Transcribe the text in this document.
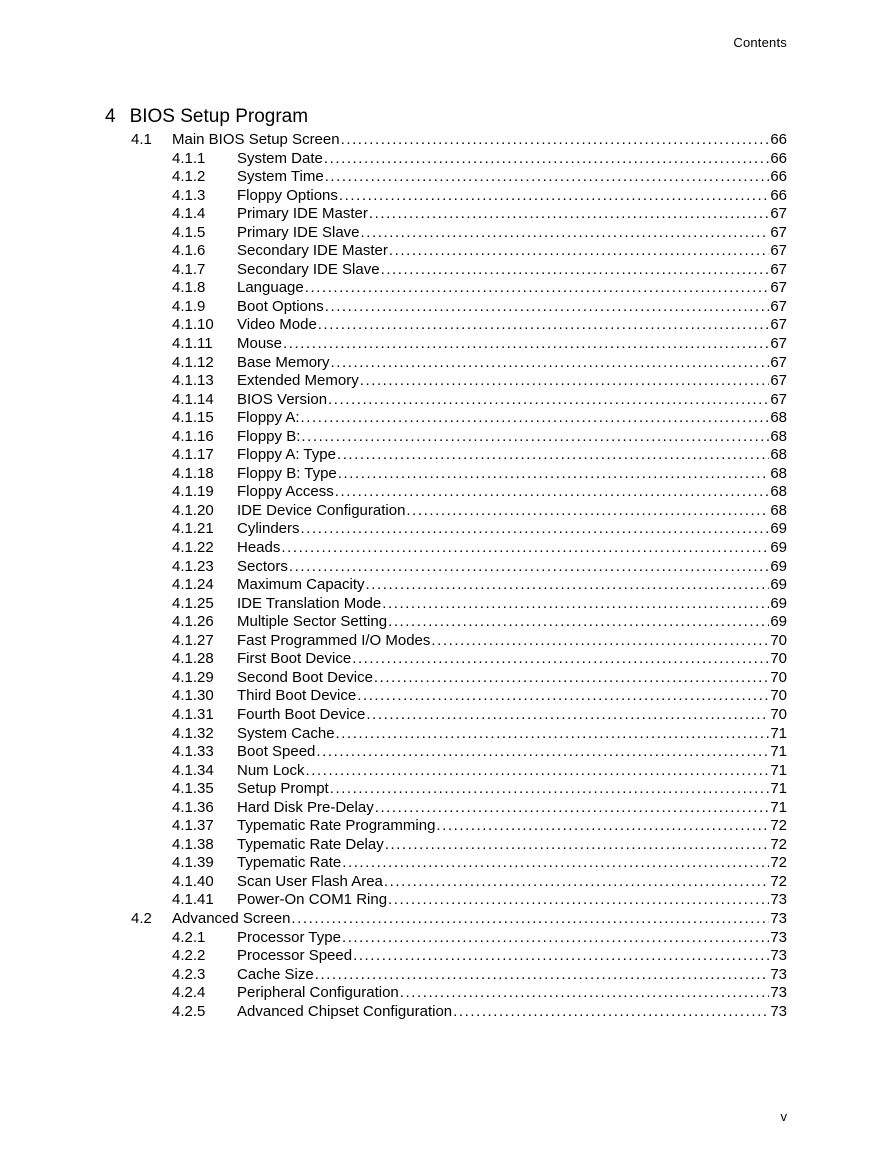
Contents
4 BIOS Setup Program
4.1 Main BIOS Setup Screen . . .	66
4.1.1 System Date . . .	66
4.1.2 System Time . . .	66
4.1.3 Floppy Options . . .	66
4.1.4 Primary IDE Master . . .	67
4.1.5 Primary IDE Slave . . .	67
4.1.6 Secondary IDE Master . . .	67
4.1.7 Secondary IDE Slave . . .	67
4.1.8 Language . . .	67
4.1.9 Boot Options . . .	67
4.1.10 Video Mode . . .	67
4.1.11 Mouse . . .	67
4.1.12 Base Memory . . .	67
4.1.13 Extended Memory . . .	67
4.1.14 BIOS Version . . .	67
4.1.15 Floppy A: . . .	68
4.1.16 Floppy B: . . .	68
4.1.17 Floppy A: Type . . .	68
4.1.18 Floppy B: Type . . .	68
4.1.19 Floppy Access . . .	68
4.1.20 IDE Device Configuration . . .	68
4.1.21 Cylinders . . .	69
4.1.22 Heads . . .	69
4.1.23 Sectors . . .	69
4.1.24 Maximum Capacity . . .	69
4.1.25 IDE Translation Mode . . .	69
4.1.26 Multiple Sector Setting . . .	69
4.1.27 Fast Programmed I/O Modes . . .	70
4.1.28 First Boot Device . . .	70
4.1.29 Second Boot Device . . .	70
4.1.30 Third Boot Device . . .	70
4.1.31 Fourth Boot Device . . .	70
4.1.32 System Cache . . .	71
4.1.33 Boot Speed . . .	71
4.1.34 Num Lock . . .	71
4.1.35 Setup Prompt . . .	71
4.1.36 Hard Disk Pre-Delay . . .	71
4.1.37 Typematic Rate Programming . . .	72
4.1.38 Typematic Rate Delay . . .	72
4.1.39 Typematic Rate . . .	72
4.1.40 Scan User Flash Area . . .	72
4.1.41 Power-On COM1 Ring . . .	73
4.2 Advanced Screen . . .	73
4.2.1 Processor Type . . .	73
4.2.2 Processor Speed . . .	73
4.2.3 Cache Size . . .	73
4.2.4 Peripheral Configuration . . .	73
4.2.5 Advanced Chipset Configuration . . .	73
v
